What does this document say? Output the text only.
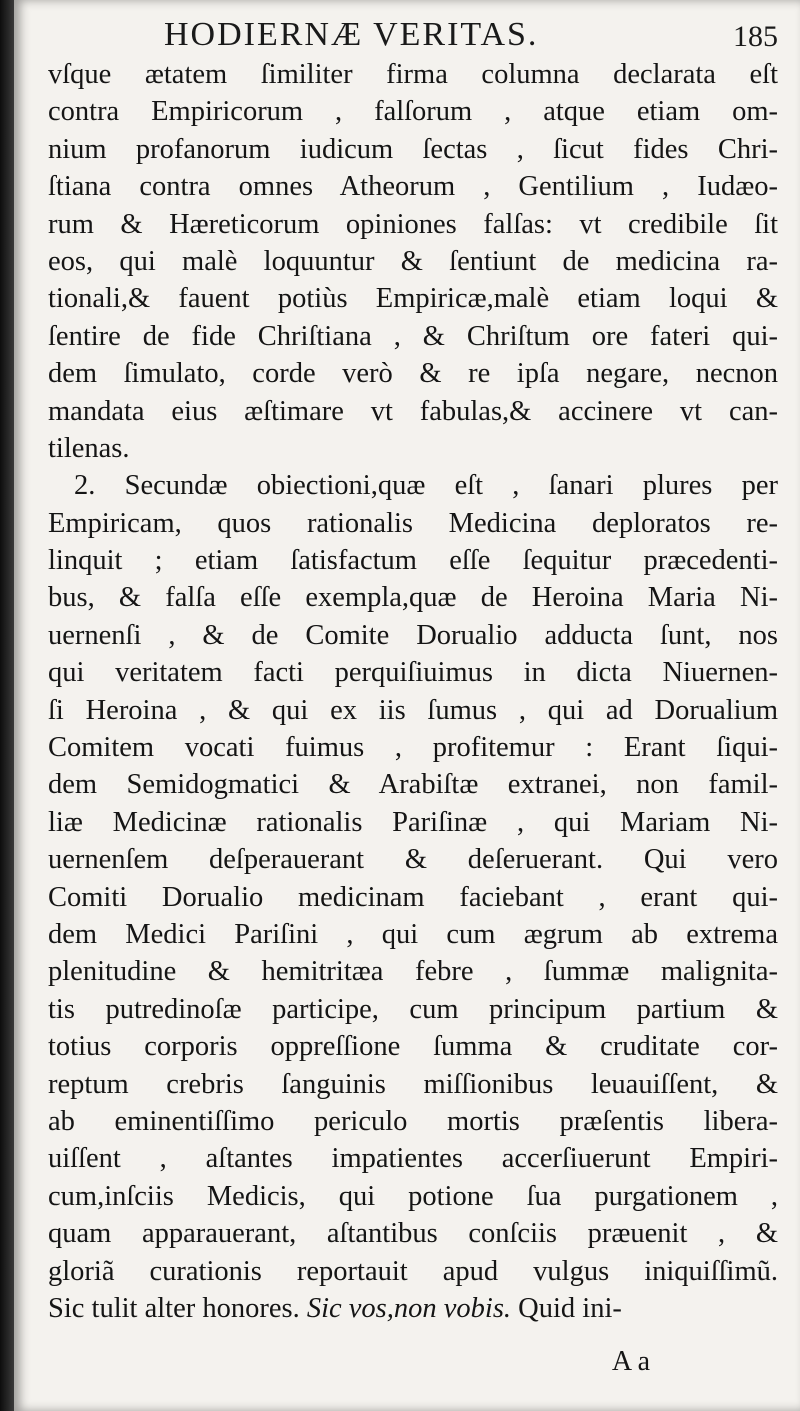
HODIERNÆ VERITAS.	185
vſque ætatem ſimiliter firma columna declarata eſt
contra Empiricorum , falſorum , atque etiam om-
nium profanorum iudicum ſectas , ſicut fides Chri-
ſtiana contra omnes Atheorum , Gentilium , Iudæo-
rum & Hæreticorum opiniones falſas: vt credibile ſit
eos, qui malè loquuntur & ſentiunt de medicina ra-
tionali,& fauent potiùs Empiricæ,malè etiam loqui &
ſentire de fide Chriſtiana , & Chriſtum ore fateri qui-
dem ſimulato, corde verò & re ipſa negare, necnon
mandata eius æſtimare vt fabulas,& accinere vt can-
tilenas.
2. Secundæ obiectioni,quæ eſt , ſanari plures per
Empiricam, quos rationalis Medicina deploratos re-
linquit ; etiam ſatisfactum eſſe ſequitur præcedenti-
bus, & falſa eſſe exempla,quæ de Heroina Maria Ni-
uernenſi , & de Comite Dorualio adducta ſunt, nos
qui veritatem facti perquiſiuimus in dicta Niuernen-
ſi Heroina , & qui ex iis ſumus , qui ad Dorualium
Comitem vocati fuimus , profitemur : Erant ſiqui-
dem Semidogmatici & Arabiſtæ extranei, non famil-
liæ Medicinæ rationalis Pariſinæ , qui Mariam Ni-
uernenſem deſperauerant & deſeruerant. Qui vero
Comiti Dorualio medicinam faciebant , erant qui-
dem Medici Pariſini , qui cum ægrum ab extrema
plenitudine & hemitritæa febre , ſummæ malignita-
tis putredinoſæ participe, cum principum partium &
totius corporis oppreſſione ſumma & cruditate cor-
reptum crebris ſanguinis miſſionibus leuauiſſent, &
ab eminentiſſimo periculo mortis præſentis libera-
uiſſent , aſtantes impatientes accerſiuerunt Empiri-
cum,inſciis Medicis, qui potione ſua purgationem ,
quam apparauerant, aſtantibus conſciis præuenit , &
gloriã curationis reportauit apud vulgus iniquiſſimũ.
Sic tulit alter honores. Sic vos,non vobis. Quid ini-
A a
